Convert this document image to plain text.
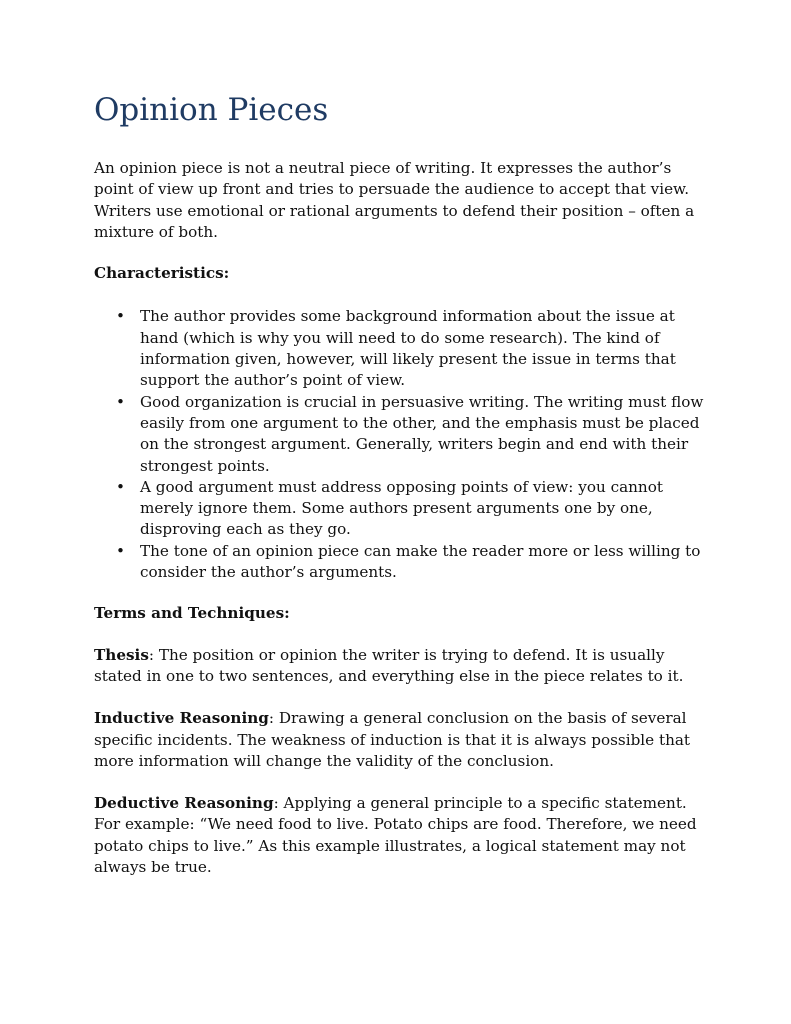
Opinion Pieces

An opinion piece is not a neutral piece of writing. It expresses the author’s point of view up front and tries to persuade the audience to accept that view. Writers use emotional or rational arguments to defend their position – often a mixture of both.

Characteristics:

• The author provides some background information about the issue at hand (which is why you will need to do some research). The kind of information given, however, will likely present the issue in terms that support the author’s point of view.
• Good organization is crucial in persuasive writing. The writing must flow easily from one argument to the other, and the emphasis must be placed on the strongest argument. Generally, writers begin and end with their strongest points.
• A good argument must address opposing points of view: you cannot merely ignore them. Some authors present arguments one by one, disproving each as they go.
• The tone of an opinion piece can make the reader more or less willing to consider the author’s arguments.

Terms and Techniques:

Thesis: The position or opinion the writer is trying to defend. It is usually stated in one to two sentences, and everything else in the piece relates to it.

Inductive Reasoning: Drawing a general conclusion on the basis of several specific incidents. The weakness of induction is that it is always possible that more information will change the validity of the conclusion.

Deductive Reasoning: Applying a general principle to a specific statement. For example: “We need food to live. Potato chips are food. Therefore, we need potato chips to live.” As this example illustrates, a logical statement may not always be true.
